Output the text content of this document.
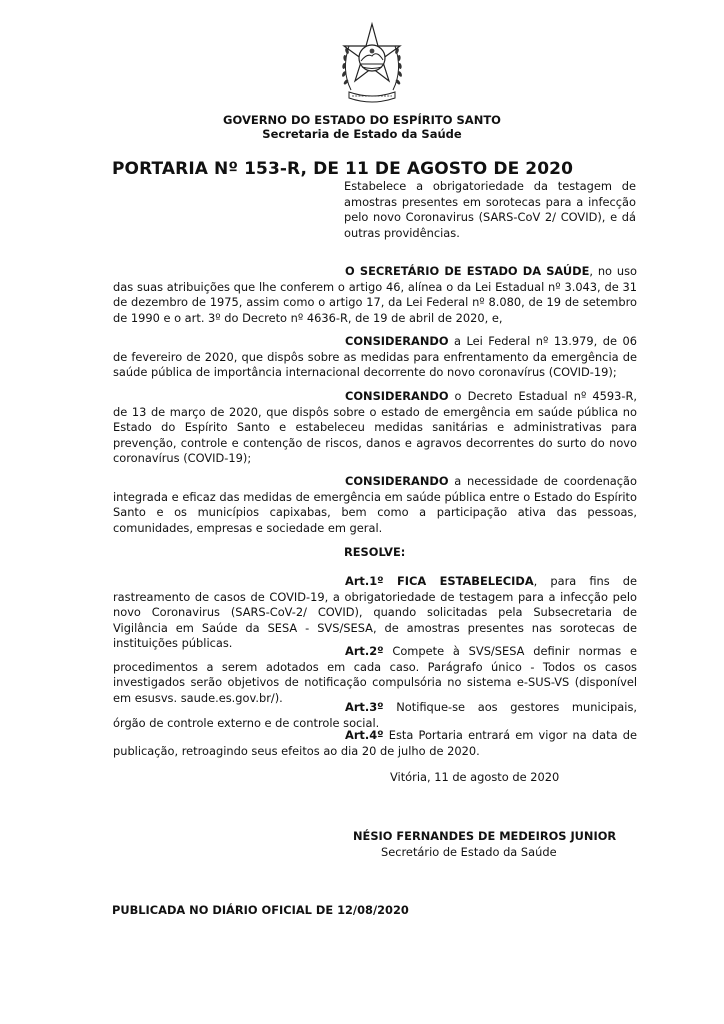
GOVERNO DO ESTADO DO ESPÍRITO SANTO
Secretaria de Estado da Saúde
PORTARIA Nº 153-R, DE 11 DE AGOSTO DE 2020
Estabelece a obrigatoriedade da testagem de amostras presentes em sorotecas para a infecção pelo novo Coronavirus (SARS-CoV 2/ COVID), e dá outras providências.
O SECRETÁRIO DE ESTADO DA SAÚDE, no uso das suas atribuições que lhe conferem o artigo 46, alínea o da Lei Estadual nº 3.043, de 31 de dezembro de 1975, assim como o artigo 17, da Lei Federal nº 8.080, de 19 de setembro de 1990 e o art. 3º do Decreto nº 4636-R, de 19 de abril de 2020, e,
CONSIDERANDO a Lei Federal nº 13.979, de 06 de fevereiro de 2020, que dispôs sobre as medidas para enfrentamento da emergência de saúde pública de importância internacional decorrente do novo coronavírus (COVID-19);
CONSIDERANDO o Decreto Estadual nº 4593-R, de 13 de março de 2020, que dispôs sobre o estado de emergência em saúde pública no Estado do Espírito Santo e estabeleceu medidas sanitárias e administrativas para prevenção, controle e contenção de riscos, danos e agravos decorrentes do surto do novo coronavírus (COVID-19);
CONSIDERANDO a necessidade de coordenação integrada e eficaz das medidas de emergência em saúde pública entre o Estado do Espírito Santo e os municípios capixabas, bem como a participação ativa das pessoas, comunidades, empresas e sociedade em geral.
RESOLVE:
Art.1º FICA ESTABELECIDA, para fins de rastreamento de casos de COVID-19, a obrigatoriedade de testagem para a infecção pelo novo Coronavirus (SARS-CoV-2/ COVID), quando solicitadas pela Subsecretaria de Vigilância em Saúde da SESA - SVS/SESA, de amostras presentes nas sorotecas de instituições públicas.
Art.2º Compete à SVS/SESA definir normas e procedimentos a serem adotados em cada caso. Parágrafo único - Todos os casos investigados serão objetivos de notificação compulsória no sistema e-SUS-VS (disponível em esusvs. saude.es.gov.br/).
Art.3º Notifique-se aos gestores municipais, órgão de controle externo e de controle social.
Art.4º Esta Portaria entrará em vigor na data de publicação, retroagindo seus efeitos ao dia 20 de julho de 2020.
Vitória, 11 de agosto de 2020
NÉSIO FERNANDES DE MEDEIROS JUNIOR
Secretário de Estado da Saúde
PUBLICADA NO DIÁRIO OFICIAL DE 12/08/2020
